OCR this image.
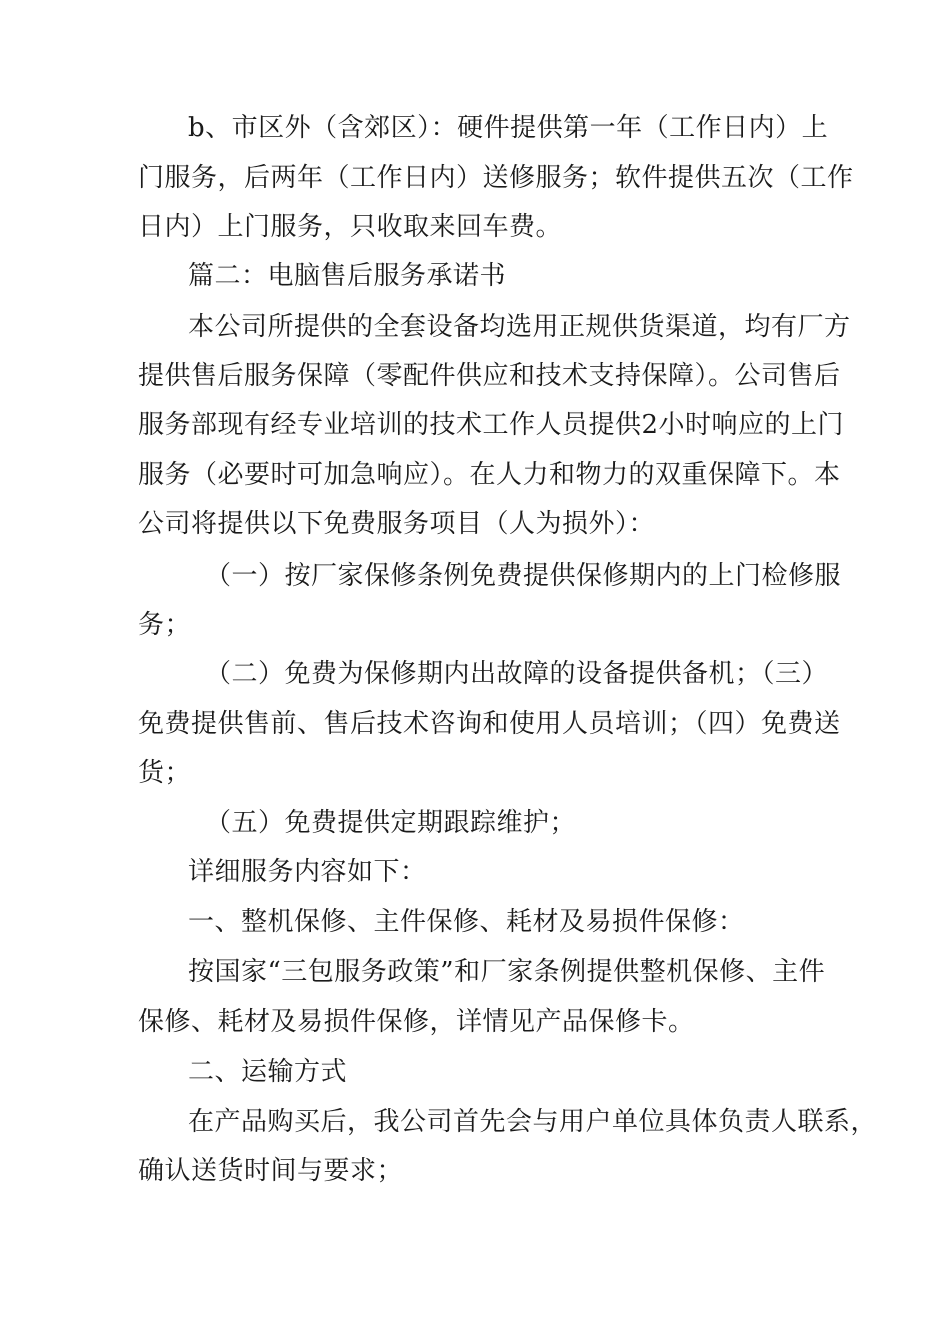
b、市区外（含郊区）：硬件提供第一年（工作日内）上
门服务，后两年（工作日内）送修服务；软件提供五次（工作
日内）上门服务，只收取来回车费。
篇二：电脑售后服务承诺书
本公司所提供的全套设备均选用正规供货渠道，均有厂方
提供售后服务保障（零配件供应和技术支持保障）。公司售后
服务部现有经专业培训的技术工作人员提供2小时响应的上门
服务（必要时可加急响应）。在人力和物力的双重保障下。本
公司将提供以下免费服务项目（人为损外）：
（一）按厂家保修条例免费提供保修期内的上门检修服
务；
（二）免费为保修期内出故障的设备提供备机；（三）
免费提供售前、售后技术咨询和使用人员培训；（四）免费送
货；
（五）免费提供定期跟踪维护；
详细服务内容如下：
一、整机保修、主件保修、耗材及易损件保修：
按国家“三包服务政策”和厂家条例提供整机保修、主件
保修、耗材及易损件保修，详情见产品保修卡。
二、运输方式
在产品购买后，我公司首先会与用户单位具体负责人联系，
确认送货时间与要求；
